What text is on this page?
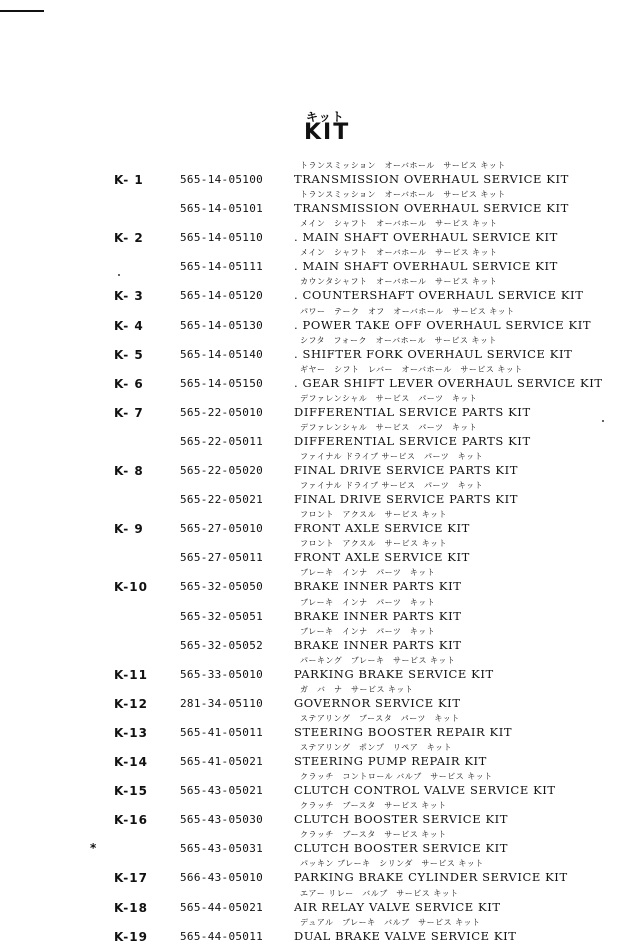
キット
KIT
K- 1	565-14-05100
トランスミッション　オーバホール　サービス キット
TRANSMISSION OVERHAUL SERVICE KIT
565-14-05101
トランスミッション　オーバホール　サービス キット
TRANSMISSION OVERHAUL SERVICE KIT
K- 2	565-14-05110
メイン　シャフト　オーバホール　サービス キット
. MAIN SHAFT OVERHAUL SERVICE KIT
565-14-05111
メイン　シャフト　オーバホール　サービス キット
. MAIN SHAFT OVERHAUL SERVICE KIT
K- 3	565-14-05120
カウンタシャフト　オーバホール　サービス キット
. COUNTERSHAFT OVERHAUL SERVICE KIT
K- 4	565-14-05130
パワー　テーク　オフ　オーバホール　サービス キット
. POWER TAKE OFF OVERHAUL SERVICE KIT
K- 5	565-14-05140
シフタ　フォーク　オーバホール　サービス キット
. SHIFTER FORK OVERHAUL SERVICE KIT
K- 6	565-14-05150
ギヤー　シフト　レバー　オーバホール　サービス キット
. GEAR SHIFT LEVER OVERHAUL SERVICE KIT
K- 7	565-22-05010
デファレンシャル　サービス　パーツ　キット
DIFFERENTIAL SERVICE PARTS KIT
565-22-05011
デファレンシャル　サービス　パーツ　キット
DIFFERENTIAL SERVICE PARTS KIT
K- 8	565-22-05020
ファイナル ドライブ サービス　パーツ　キット
FINAL DRIVE SERVICE PARTS KIT
565-22-05021
ファイナル ドライブ サービス　パーツ　キット
FINAL DRIVE SERVICE PARTS KIT
K- 9	565-27-05010
フロント　アクスル　サービス キット
FRONT AXLE SERVICE KIT
565-27-05011
フロント　アクスル　サービス キット
FRONT AXLE SERVICE KIT
K-10	565-32-05050
ブレーキ　インナ　パーツ　キット
BRAKE INNER PARTS KIT
565-32-05051
ブレーキ　インナ　パーツ　キット
BRAKE INNER PARTS KIT
565-32-05052
ブレーキ　インナ　パーツ　キット
BRAKE INNER PARTS KIT
K-11	565-33-05010
パーキング　ブレーキ　サービス キット
PARKING BRAKE SERVICE KIT
K-12	281-34-05110
ガ　バ　ナ　サービス キット
GOVERNOR SERVICE KIT
K-13	565-41-05011
ステアリング　ブースタ　パーツ　キット
STEERING BOOSTER REPAIR KIT
K-14	565-41-05021
ステアリング　ポンプ　リペア　キット
STEERING PUMP REPAIR KIT
K-15	565-43-05021
クラッチ　コントロール バルブ　サービス キット
CLUTCH CONTROL VALVE SERVICE KIT
K-16	565-43-05030
クラッチ　ブースタ　サービス キット
CLUTCH BOOSTER SERVICE KIT
*	565-43-05031
クラッチ　ブースタ　サービス キット
CLUTCH BOOSTER SERVICE KIT
K-17	566-43-05010
パッキン ブレーキ　シリンダ　サービス キット
PARKING BRAKE CYLINDER SERVICE KIT
K-18	565-44-05021
エアー リレー　バルブ　サービス キット
AIR RELAY VALVE SERVICE KIT
K-19	565-44-05011
デュアル　ブレーキ　バルブ　サービス キット
DUAL BRAKE VALVE SERVICE KIT
